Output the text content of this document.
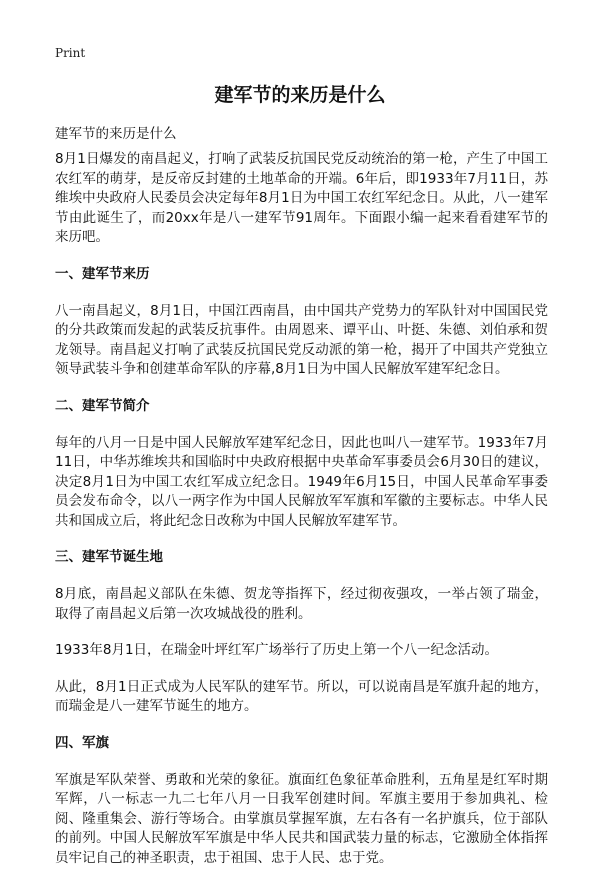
Print
建军节的来历是什么

建军节的来历是什么

8月1日爆发的南昌起义，打响了武装反抗国民党反动统治的第一枪，产生了中国工农红军的萌芽，是反帝反封建的土地革命的开端。6年后，即1933年7月11日，苏维埃中央政府人民委员会决定每年8月1日为中国工农红军纪念日。从此，八一建军节由此诞生了，而20xx年是八一建军节91周年。下面跟小编一起来看看建军节的来历吧。

一、建军节来历

八一南昌起义，8月1日，中国江西南昌，由中国共产党势力的军队针对中国国民党的分共政策而发起的武装反抗事件。由周恩来、谭平山、叶挺、朱德、刘伯承和贺龙领导。南昌起义打响了武装反抗国民党反动派的第一枪，揭开了中国共产党独立领导武装斗争和创建革命军队的序幕,8月1日为中国人民解放军建军纪念日。

二、建军节简介

每年的八月一日是中国人民解放军建军纪念日，因此也叫八一建军节。1933年7月11日，中华苏维埃共和国临时中央政府根据中央革命军事委员会6月30日的建议，决定8月1日为中国工农红军成立纪念日。1949年6月15日，中国人民革命军事委员会发布命令，以八一两字作为中国人民解放军军旗和军徽的主要标志。中华人民共和国成立后，将此纪念日改称为中国人民解放军建军节。

三、建军节诞生地

8月底，南昌起义部队在朱德、贺龙等指挥下，经过彻夜强攻，一举占领了瑞金，取得了南昌起义后第一次攻城战役的胜利。

1933年8月1日，在瑞金叶坪红军广场举行了历史上第一个八一纪念活动。

从此，8月1日正式成为人民军队的建军节。所以，可以说南昌是军旗升起的地方，而瑞金是八一建军节诞生的地方。

四、军旗

军旗是军队荣誉、勇敢和光荣的象征。旗面红色象征革命胜利，五角星是红军时期军辉，八一标志一九二七年八月一日我军创建时间。军旗主要用于参加典礼、检阅、隆重集会、游行等场合。由掌旗员掌握军旗，左右各有一名护旗兵，位于部队的前列。中国人民解放军军旗是中华人民共和国武装力量的标志，它激励全体指挥员牢记自己的神圣职责，忠于祖国、忠于人民、忠于党。
